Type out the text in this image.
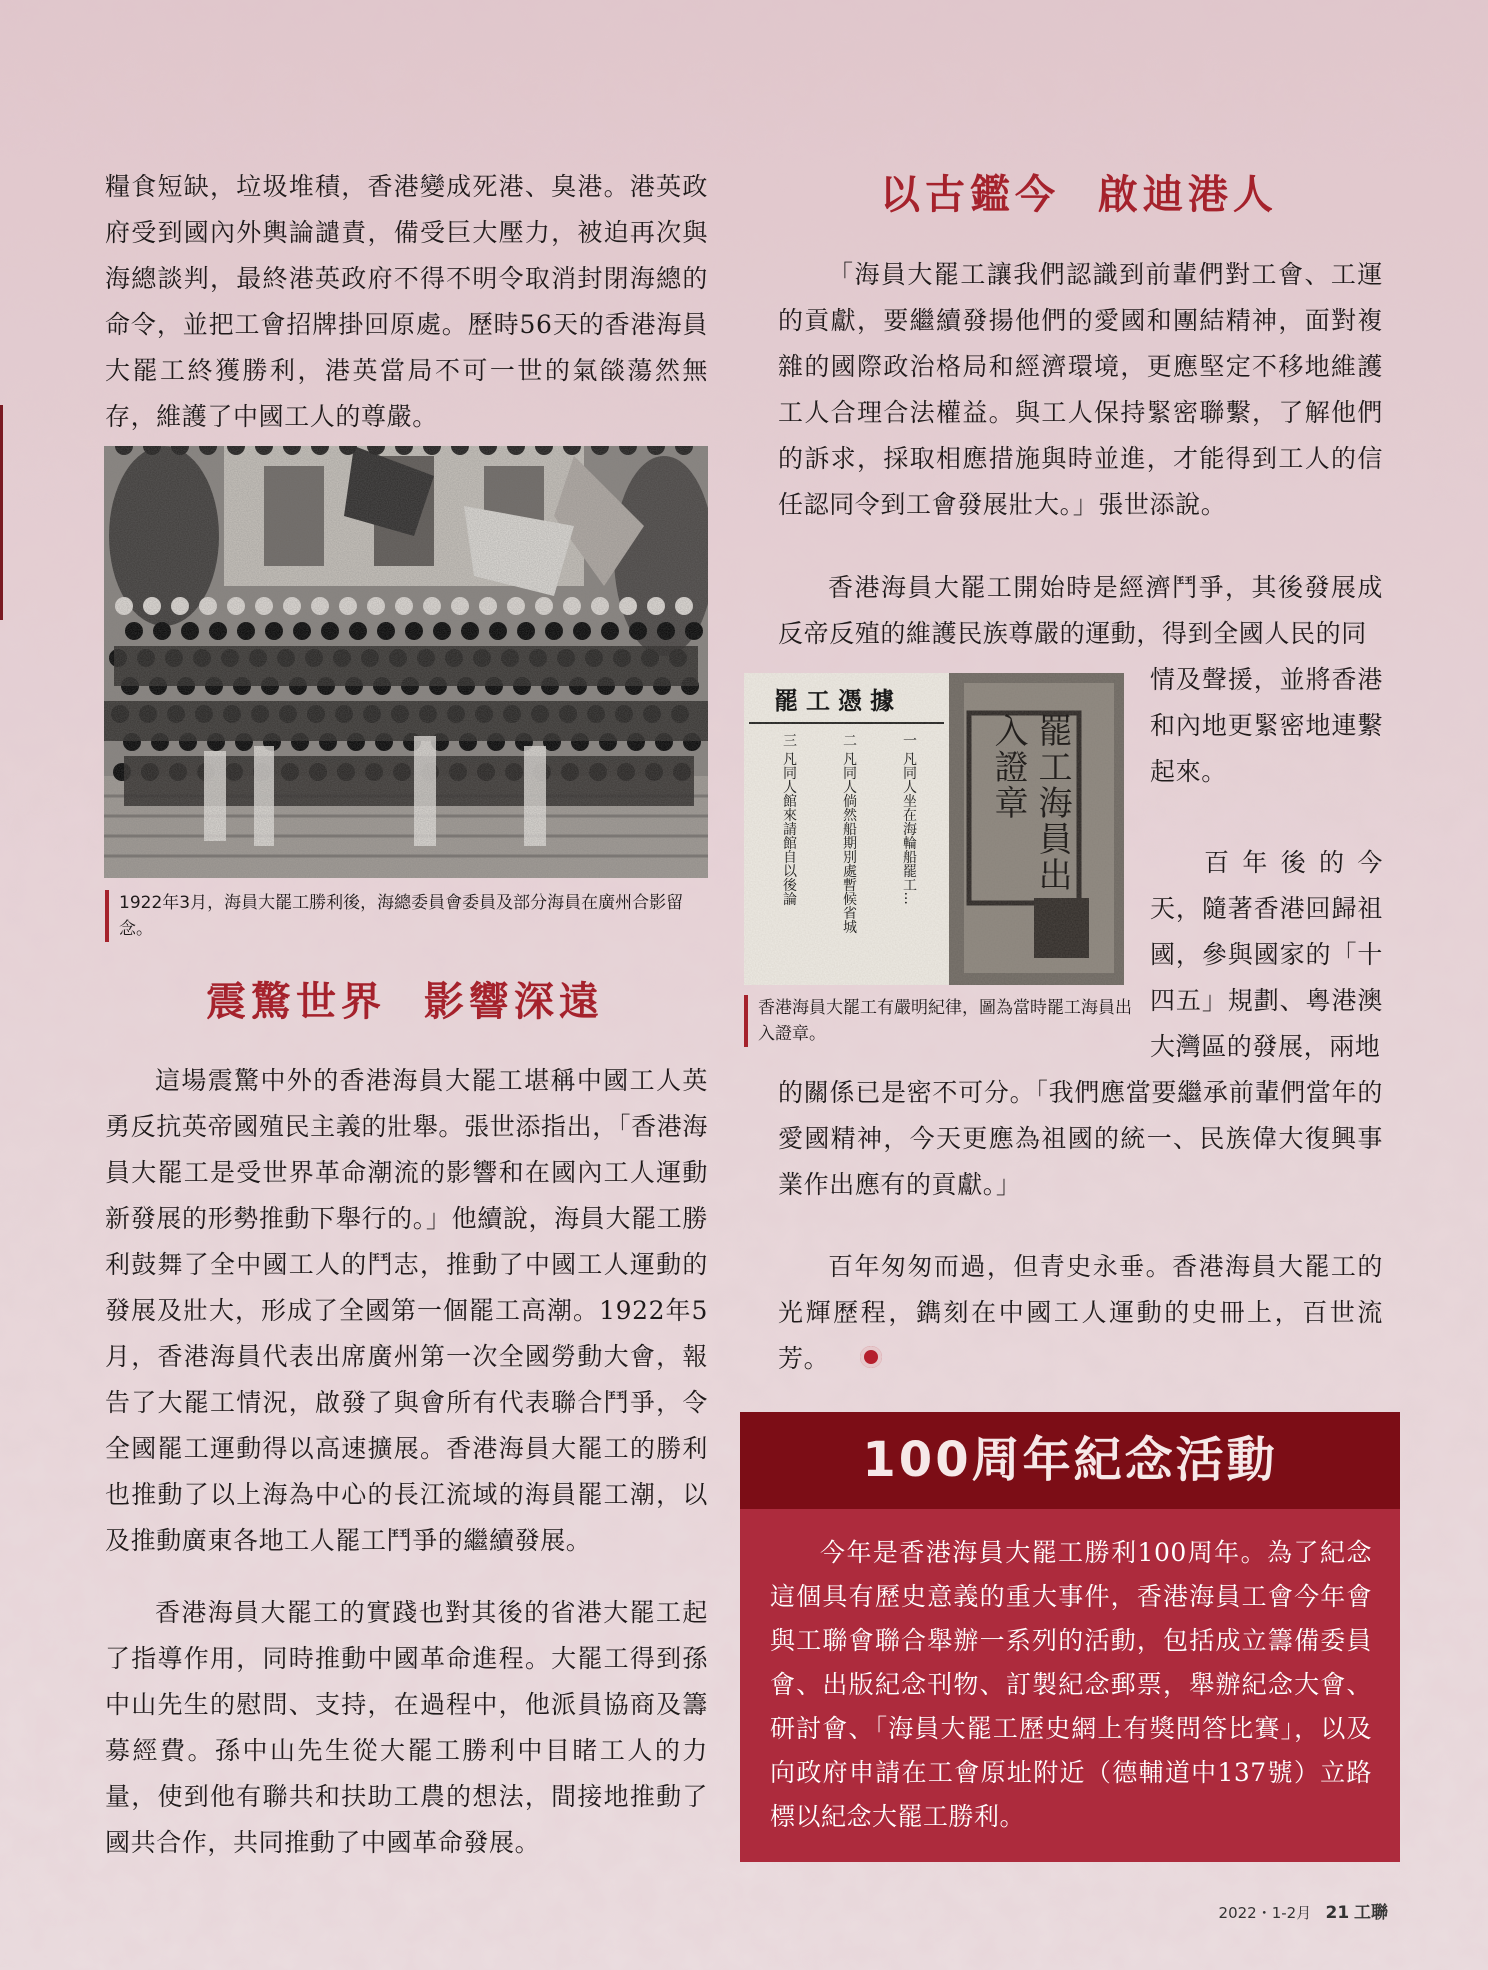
糧食短缺，垃圾堆積，香港變成死港、臭港。港英政府受到國內外輿論譴責，備受巨大壓力，被迫再次與海總談判，最終港英政府不得不明令取消封閉海總的命令，並把工會招牌掛回原處。歷時56天的香港海員大罷工終獲勝利，港英當局不可一世的氣燄蕩然無存，維護了中國工人的尊嚴。

1922年3月，海員大罷工勝利後，海總委員會委員及部分海員在廣州合影留念。
震驚世界  影響深遠

這場震驚中外的香港海員大罷工堪稱中國工人英勇反抗英帝國殖民主義的壯舉。張世添指出，「香港海員大罷工是受世界革命潮流的影響和在國內工人運動新發展的形勢推動下舉行的。」他續說，海員大罷工勝利鼓舞了全中國工人的鬥志，推動了中國工人運動的發展及壯大，形成了全國第一個罷工高潮。1922年5月，香港海員代表出席廣州第一次全國勞動大會，報告了大罷工情況，啟發了與會所有代表聯合鬥爭，令全國罷工運動得以高速擴展。香港海員大罷工的勝利也推動了以上海為中心的長江流域的海員罷工潮，以及推動廣東各地工人罷工鬥爭的繼續發展。

香港海員大罷工的實踐也對其後的省港大罷工起了指導作用，同時推動中國革命進程。大罷工得到孫中山先生的慰問、支持，在過程中，他派員協商及籌募經費。孫中山先生從大罷工勝利中目睹工人的力量，使到他有聯共和扶助工農的想法，間接地推動了國共合作，共同推動了中國革命發展。

以古鑑今  啟迪港人

「海員大罷工讓我們認識到前輩們對工會、工運的貢獻，要繼續發揚他們的愛國和團結精神，面對複雜的國際政治格局和經濟環境，更應堅定不移地維護工人合理合法權益。與工人保持緊密聯繫，了解他們的訴求，採取相應措施與時並進，才能得到工人的信任認同令到工會發展壯大。」張世添說。

香港海員大罷工開始時是經濟鬥爭，其後發展成反帝反殖的維護民族尊嚴的運動，得到全國人民的同

情及聲援，並將香港和內地更緊密地連繫起來。

罷工憑據
一 凡同人坐在海輪船罷工...
二 凡同人倘然船期別處暫候省城
三 凡同人館來請館自以後論	罷工海員出入證章
香港海員大罷工有嚴明紀律，圖為當時罷工海員出入證章。

百年後的今天，隨著香港回歸祖國，參與國家的「十四五」規劃、粵港澳大灣區的發展，兩地

的關係已是密不可分。「我們應當要繼承前輩們當年的愛國精神，今天更應為祖國的統一、民族偉大復興事業作出應有的貢獻。」

百年匆匆而過，但青史永垂。香港海員大罷工的光輝歷程，鐫刻在中國工人運動的史冊上，百世流芳。

100周年紀念活動

今年是香港海員大罷工勝利100周年。為了紀念這個具有歷史意義的重大事件，香港海員工會今年會與工聯會聯合舉辦一系列的活動，包括成立籌備委員會、出版紀念刊物、訂製紀念郵票，舉辦紀念大會、研討會、「海員大罷工歷史網上有獎問答比賽」，以及向政府申請在工會原址附近（德輔道中137號）立路標以紀念大罷工勝利。

2022・1-2月 21 工聯
